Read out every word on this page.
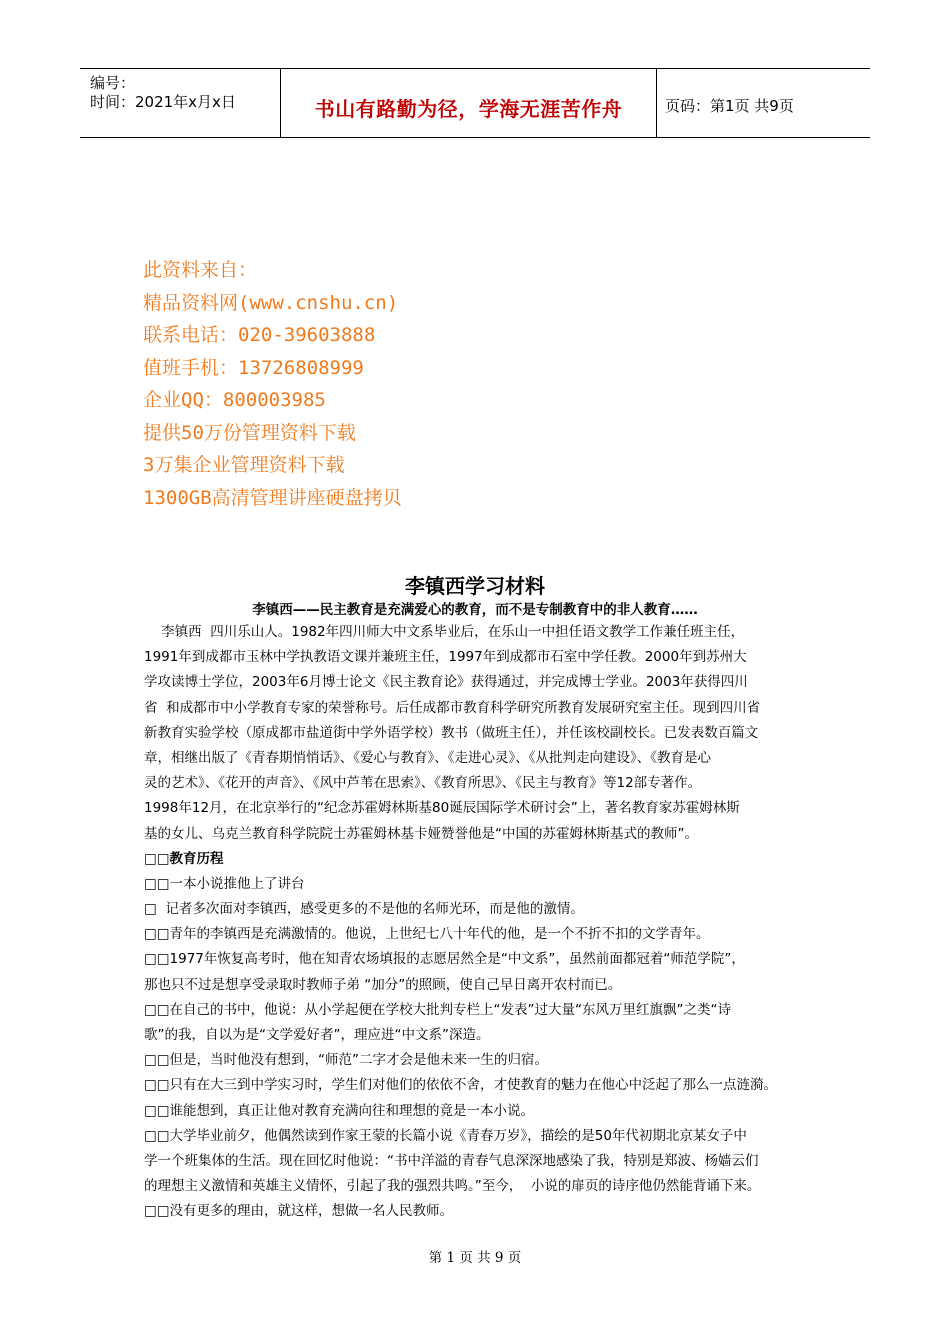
编号：
时间：2021年x月x日	书山有路勤为径，学海无涯苦作舟	页码：第1页 共9页
此资料来自：
精品资料网(www.cnshu.cn)
联系电话：020-39603888
值班手机：13726808999
企业QQ：800003985
提供50万份管理资料下载
3万集企业管理资料下载
1300GB高清管理讲座硬盘拷贝
李镇西学习材料
李镇西——民主教育是充满爱心的教育，而不是专制教育中的非人教育……
李镇西  四川乐山人。1982年四川师大中文系毕业后，在乐山一中担任语文教学工作兼任班主任，
1991年到成都市玉林中学执教语文课并兼班主任，1997年到成都市石室中学任教。2000年到苏州大
学攻读博士学位，2003年6月博士论文《民主教育论》获得通过，并完成博士学业。2003年获得四川
省  和成都市中小学教育专家的荣誉称号。后任成都市教育科学研究所教育发展研究室主任。现到四川省
新教育实验学校（原成都市盐道街中学外语学校）教书（做班主任），并任该校副校长。已发表数百篇文
章，相继出版了《青春期悄悄话》、《爱心与教育》、《走进心灵》、《从批判走向建设》、《教育是心
灵的艺术》、《花开的声音》、《风中芦苇在思索》、《教育所思》、《民主与教育》等12部专著作。
1998年12月，在北京举行的“纪念苏霍姆林斯基80诞辰国际学术研讨会”上，著名教育家苏霍姆林斯
基的女儿、乌克兰教育科学院院士苏霍姆林基卡娅赞誉他是“中国的苏霍姆林斯基式的教师”。
□□教育历程
□□一本小说推他上了讲台
□  记者多次面对李镇西，感受更多的不是他的名师光环，而是他的激情。
□□青年的李镇西是充满激情的。他说，上世纪七八十年代的他，是一个不折不扣的文学青年。
□□1977年恢复高考时，他在知青农场填报的志愿居然全是“中文系”，虽然前面都冠着“师范学院”，
那也只不过是想享受录取时教师子弟 “加分”的照顾，使自己早日离开农村而已。
□□在自己的书中，他说：从小学起便在学校大批判专栏上“发表”过大量“东风万里红旗飘”之类“诗
歌”的我，自以为是“文学爱好者”，理应进“中文系”深造。
□□但是，当时他没有想到，“师范”二字才会是他未来一生的归宿。
□□只有在大三到中学实习时，学生们对他们的依依不舍，才使教育的魅力在他心中泛起了那么一点涟漪。
□□谁能想到，真正让他对教育充满向往和理想的竟是一本小说。
□□大学毕业前夕，他偶然读到作家王蒙的长篇小说《青春万岁》，描绘的是50年代初期北京某女子中
学一个班集体的生活。现在回忆时他说：“书中洋溢的青春气息深深地感染了我，特别是郑波、杨嫱云们
的理想主义激情和英雄主义情怀，引起了我的强烈共鸣。”至今，  小说的扉页的诗序他仍然能背诵下来。
□□没有更多的理由，就这样，想做一名人民教师。
第 1 页 共 9 页
